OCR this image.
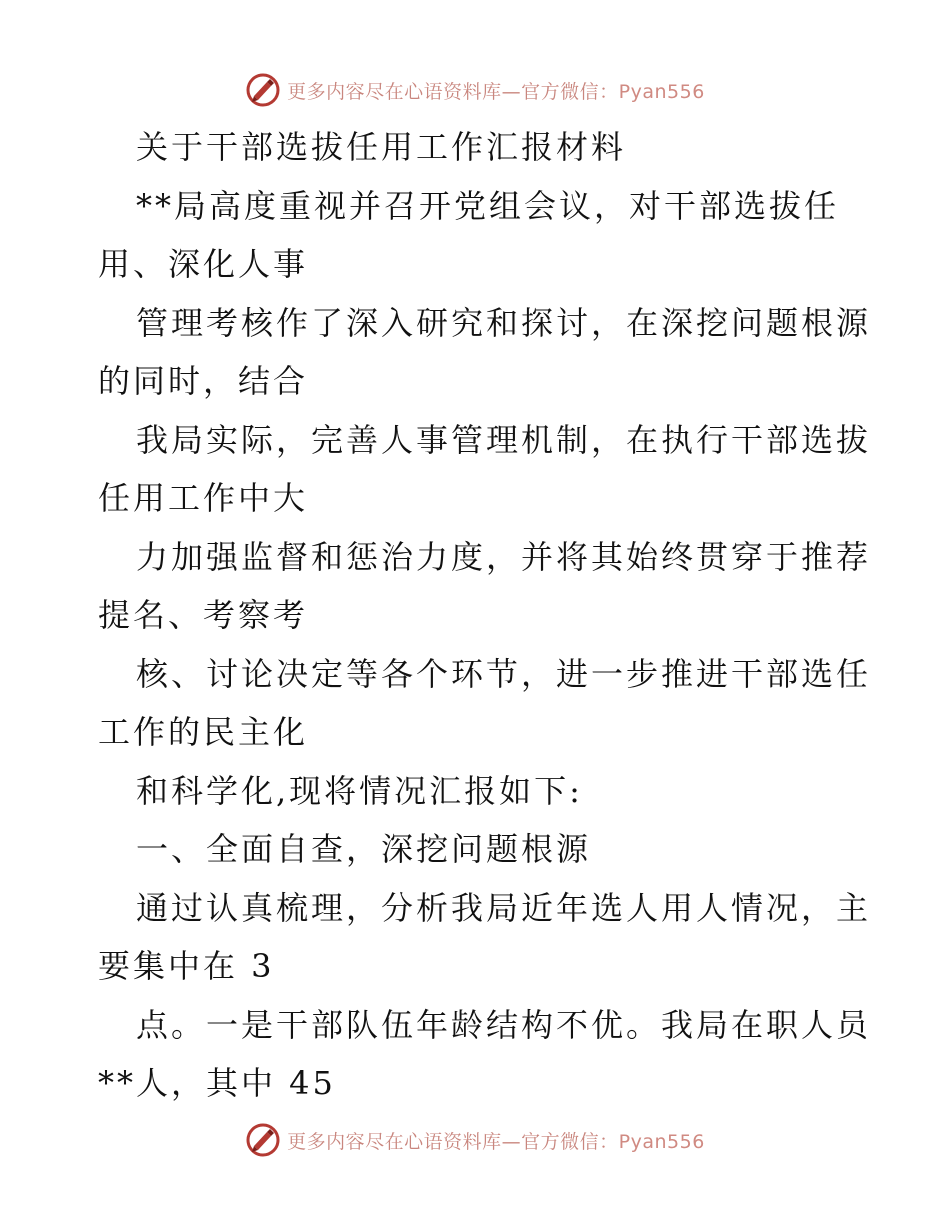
更多内容尽在心语资料库—官方微信：Pyan556
关于干部选拔任用工作汇报材料
**局高度重视并召开党组会议，对干部选拔任
用、深化人事
管理考核作了深入研究和探讨，在深挖问题根源
的同时，结合
我局实际，完善人事管理机制，在执行干部选拔
任用工作中大
力加强监督和惩治力度，并将其始终贯穿于推荐
提名、考察考
核、讨论决定等各个环节，进一步推进干部选任
工作的民主化
和科学化,现将情况汇报如下:
一、全面自查，深挖问题根源
通过认真梳理，分析我局近年选人用人情况，主
要集中在 3
点。一是干部队伍年龄结构不优。我局在职人员
**人，其中 45
更多内容尽在心语资料库—官方微信：Pyan556
